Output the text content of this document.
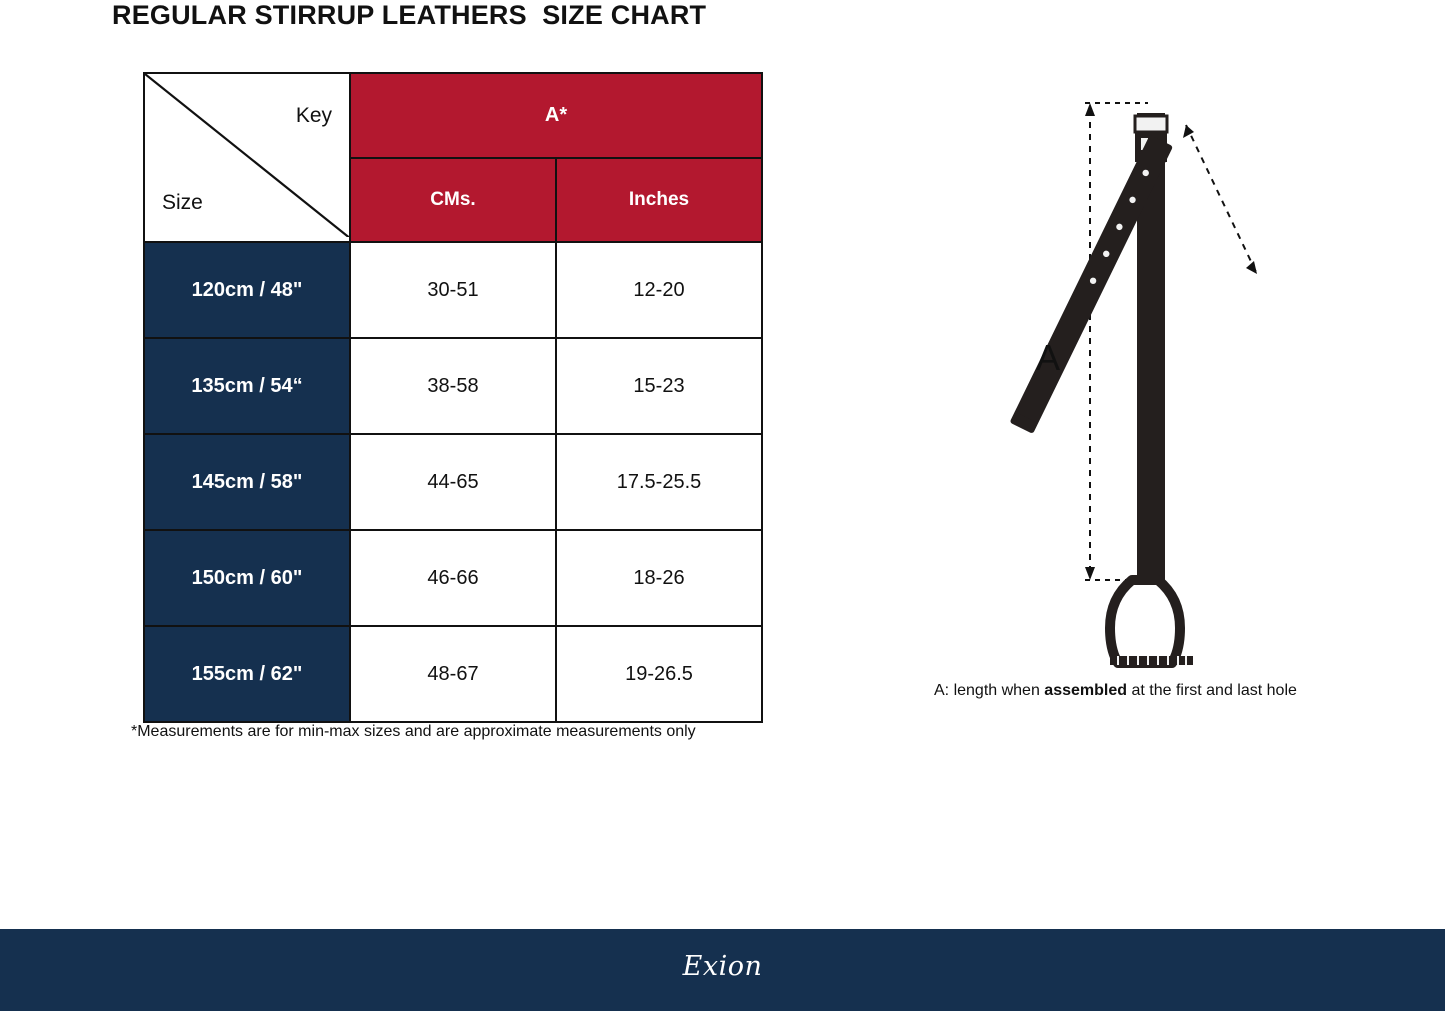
REGULAR STIRRUP LEATHERS  SIZE CHART
Key
Size	A*	
	CMs.	Inches
120cm / 48"	30-51	12-20
135cm / 54“	38-58	15-23
145cm / 58"	44-65	17.5-25.5
150cm / 60"	46-66	18-26
155cm / 62"	48-67	19-26.5
*Measurements are for min-max sizes and are approximate measurements only
A
A: length when assembled at the first and last hole
Exion
